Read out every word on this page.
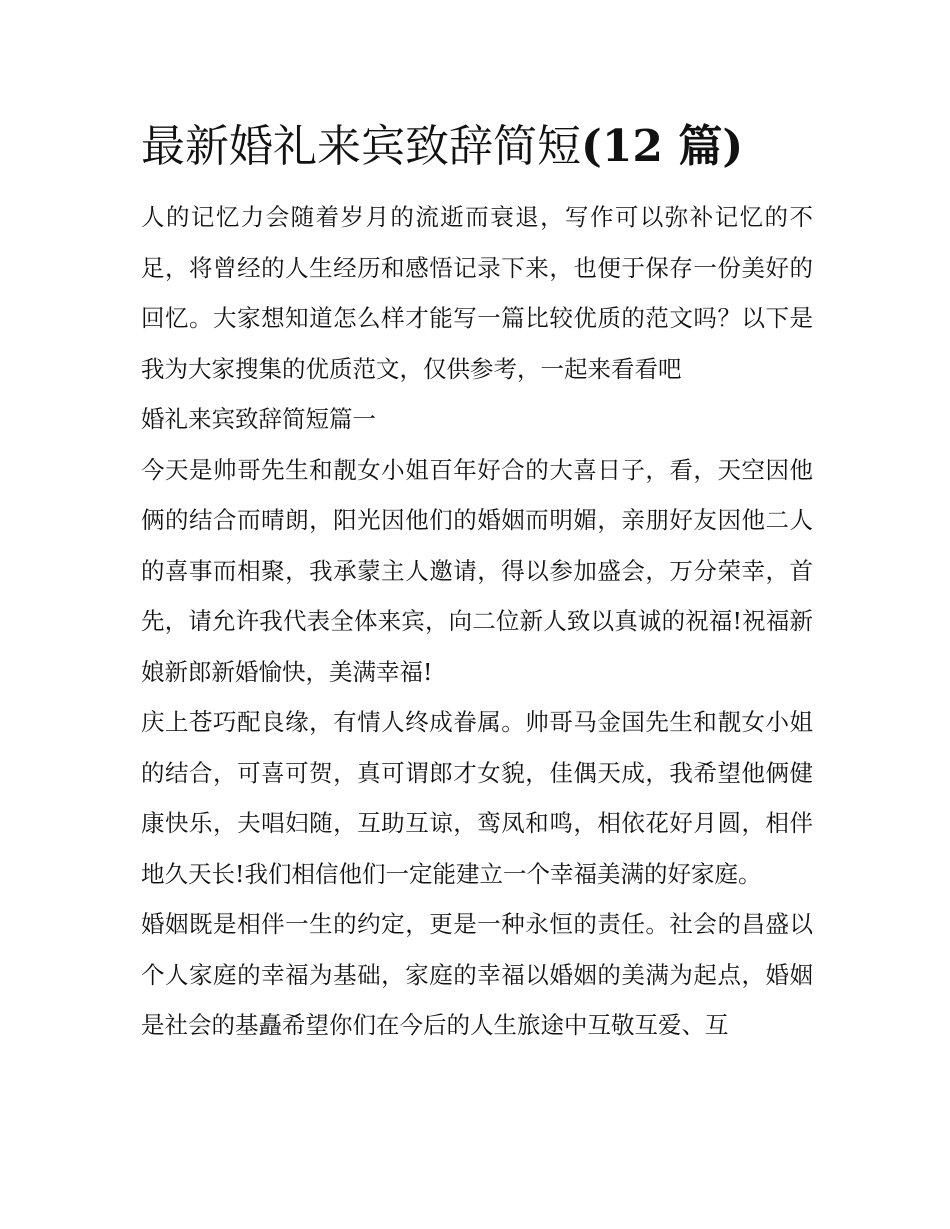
最新婚礼来宾致辞简短(12 篇)

人的记忆力会随着岁月的流逝而衰退，写作可以弥补记忆的不足，将曾经的人生经历和感悟记录下来，也便于保存一份美好的回忆。大家想知道怎么样才能写一篇比较优质的范文吗？以下是我为大家搜集的优质范文，仅供参考，一起来看看吧

婚礼来宾致辞简短篇一

今天是帅哥先生和靓女小姐百年好合的大喜日子，看，天空因他俩的结合而晴朗，阳光因他们的婚姻而明媚，亲朋好友因他二人的喜事而相聚，我承蒙主人邀请，得以参加盛会，万分荣幸，首先，请允许我代表全体来宾，向二位新人致以真诚的祝福!祝福新娘新郎新婚愉快，美满幸福!

庆上苍巧配良缘，有情人终成眷属。帅哥马金国先生和靓女小姐的结合，可喜可贺，真可谓郎才女貌，佳偶天成，我希望他俩健康快乐，夫唱妇随，互助互谅，鸾凤和鸣，相依花好月圆，相伴地久天长!我们相信他们一定能建立一个幸福美满的好家庭。

婚姻既是相伴一生的约定，更是一种永恒的责任。社会的昌盛以个人家庭的幸福为基础，家庭的幸福以婚姻的美满为起点，婚姻是社会的基矗希望你们在今后的人生旅途中互敬互爱、互
